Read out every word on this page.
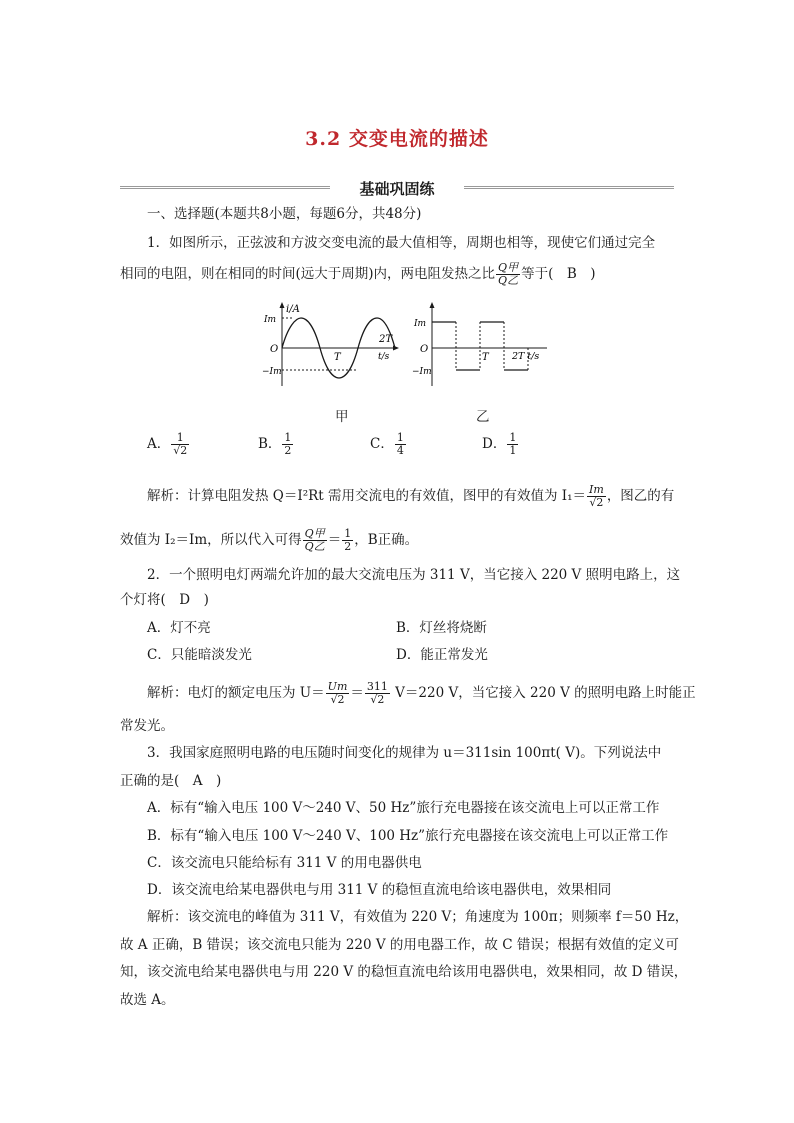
3.2 交变电流的描述
基础巩固练
一、选择题(本题共8小题，每题6分，共48分)
1．如图所示，正弦波和方波交变电流的最大值相等，周期也相等，现使它们通过完全
相同的电阻，则在相同的时间(远大于周期)内，两电阻发热之比 $\frac{\text{Q甲}}{\text{Q乙}}$ 等于(　B　)
i/A
Im
O
−Im
T
2T
t/s
Im
O
−Im
T 2T t/s
甲	乙
A． $\frac{1}{√2}$	B． $\frac{1}{2}$	C． $\frac{1}{4}$	D． $\frac{1}{1}$
解析：计算电阻发热 Q＝I²Rt 需用交流电的有效值，图甲的有效值为 $I_1= \frac{Im}{√2}$ ，图乙的有
效值为 I₂＝Im，所以代入可得 $\frac{\text{Q甲}}{\text{Q乙}} = \frac{1}{2}$ ，B正确。
2．一个照明电灯两端允许加的最大交流电压为 311 V，当它接入 220 V 照明电路上，这
个灯将(　D　)
A．灯不亮	B．灯丝将烧断
C．只能暗淡发光	D．能正常发光
解析：电灯的额定电压为 $U= \frac{Um}{√2} = \frac{311}{√2} V=220$ V，当它接入 220 V 的照明电路上时能正
常发光。
3．我国家庭照明电路的电压随时间变化的规律为 u＝311sin 100πt( V)。下列说法中
正确的是(　A　)
A．标有“输入电压 100 V～240 V、50 Hz”旅行充电器接在该交流电上可以正常工作
B．标有“输入电压 100 V～240 V、100 Hz”旅行充电器接在该交流电上可以正常工作
C．该交流电只能给标有 311 V 的用电器供电
D．该交流电给某电器供电与用 311 V 的稳恒直流电给该电器供电，效果相同
解析：该交流电的峰值为 311 V，有效值为 220 V；角速度为 100π；则频率 f＝50 Hz，
故 A 正确，B 错误；该交流电只能为 220 V 的用电器工作，故 C 错误；根据有效值的定义可
知，该交流电给某电器供电与用 220 V 的稳恒直流电给该用电器供电，效果相同，故 D 错误，
故选 A。
